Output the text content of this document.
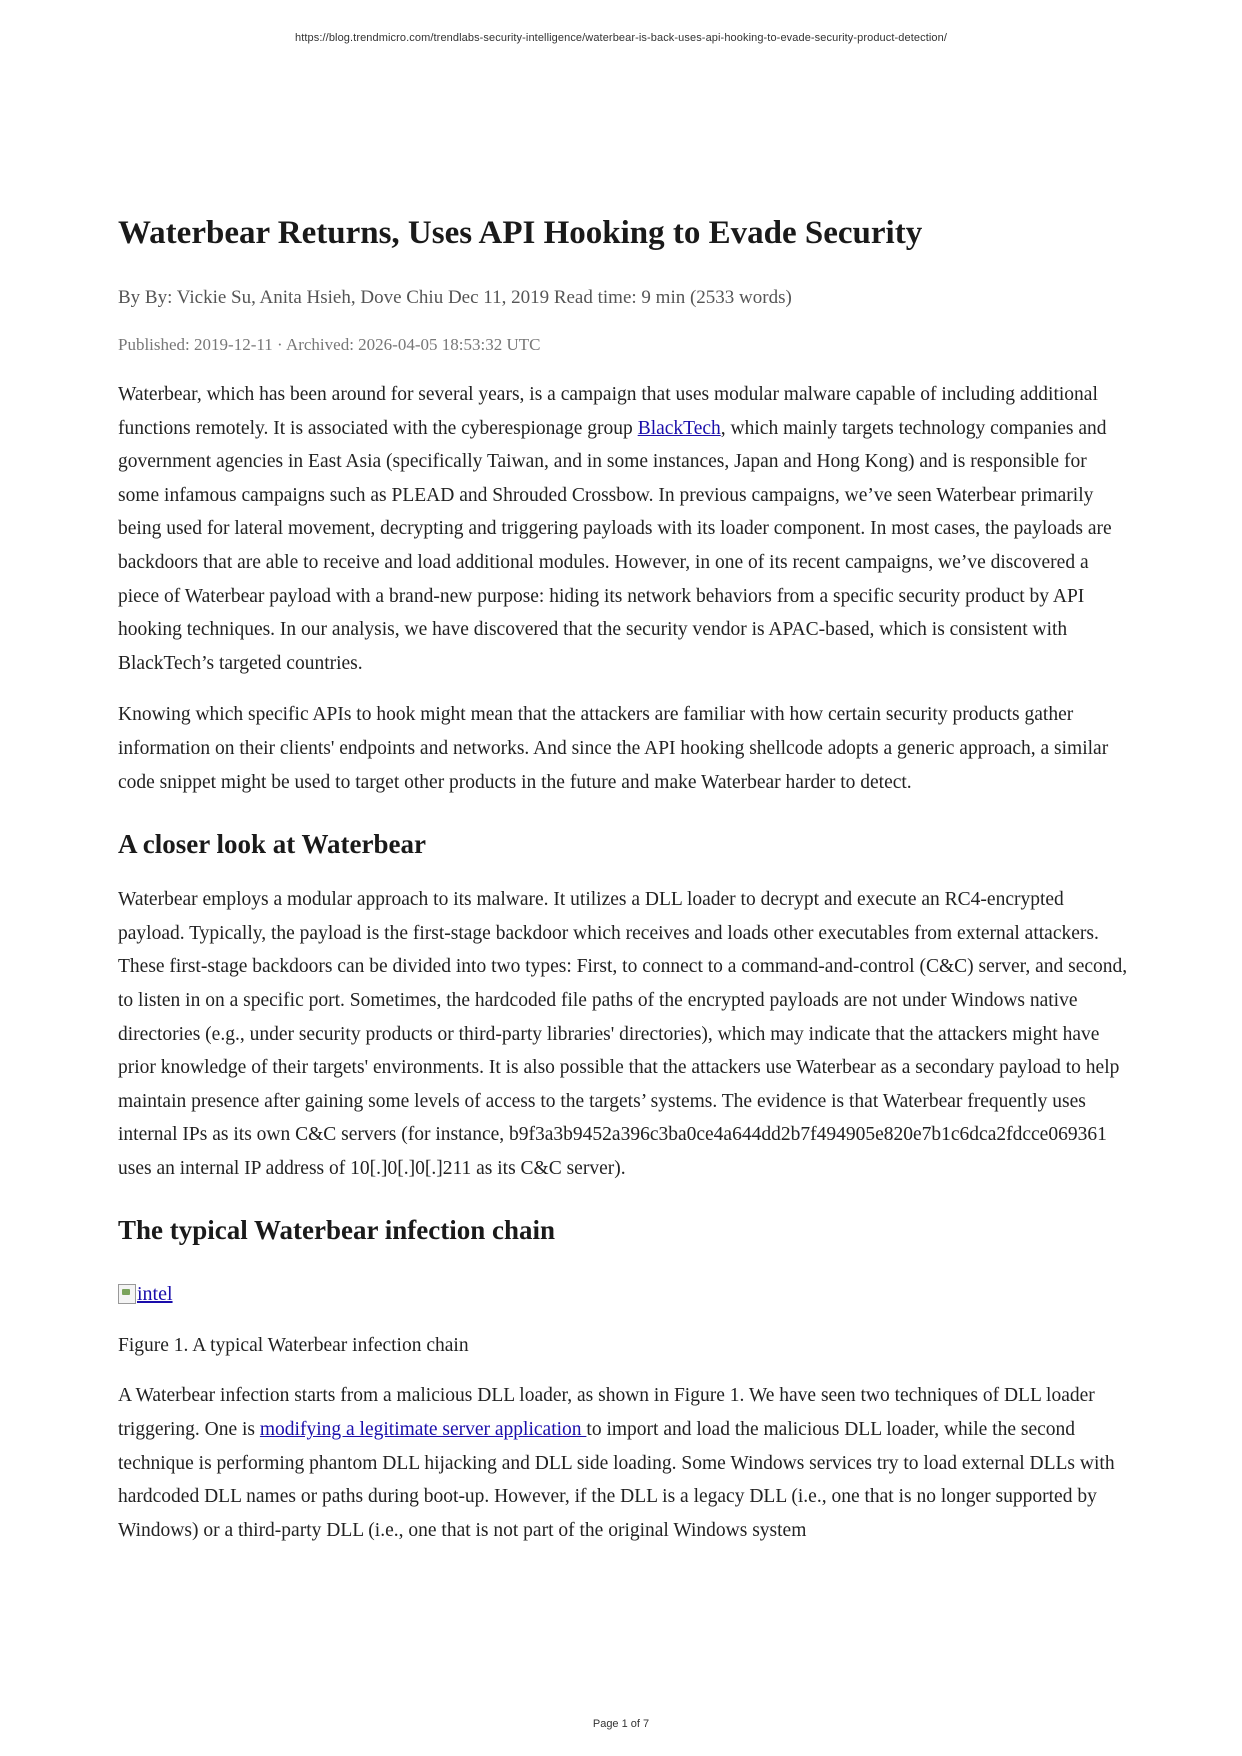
https://blog.trendmicro.com/trendlabs-security-intelligence/waterbear-is-back-uses-api-hooking-to-evade-security-product-detection/
Waterbear Returns, Uses API Hooking to Evade Security
By By: Vickie Su, Anita Hsieh, Dove Chiu Dec 11, 2019 Read time: 9 min (2533 words)
Published: 2019-12-11 · Archived: 2026-04-05 18:53:32 UTC

Waterbear, which has been around for several years, is a campaign that uses modular malware capable of including additional functions remotely. It is associated with the cyberespionage group BlackTech, which mainly targets technology companies and government agencies in East Asia (specifically Taiwan, and in some instances, Japan and Hong Kong) and is responsible for some infamous campaigns such as PLEAD and Shrouded Crossbow. In previous campaigns, we’ve seen Waterbear primarily being used for lateral movement, decrypting and triggering payloads with its loader component. In most cases, the payloads are backdoors that are able to receive and load additional modules. However, in one of its recent campaigns, we’ve discovered a piece of Waterbear payload with a brand-new purpose: hiding its network behaviors from a specific security product by API hooking techniques. In our analysis, we have discovered that the security vendor is APAC-based, which is consistent with BlackTech’s targeted countries.

Knowing which specific APIs to hook might mean that the attackers are familiar with how certain security products gather information on their clients' endpoints and networks. And since the API hooking shellcode adopts a generic approach, a similar code snippet might be used to target other products in the future and make Waterbear harder to detect.

A closer look at Waterbear

Waterbear employs a modular approach to its malware. It utilizes a DLL loader to decrypt and execute an RC4-encrypted payload. Typically, the payload is the first-stage backdoor which receives and loads other executables from external attackers. These first-stage backdoors can be divided into two types: First, to connect to a command-and-control (C&C) server, and second, to listen in on a specific port. Sometimes, the hardcoded file paths of the encrypted payloads are not under Windows native directories (e.g., under security products or third-party libraries' directories), which may indicate that the attackers might have prior knowledge of their targets' environments. It is also possible that the attackers use Waterbear as a secondary payload to help maintain presence after gaining some levels of access to the targets’ systems. The evidence is that Waterbear frequently uses internal IPs as its own C&C servers (for instance, b9f3a3b9452a396c3ba0ce4a644dd2b7f494905e820e7b1c6dca2fdcce069361 uses an internal IP address of 10[.]0[.]0[.]211 as its C&C server).

The typical Waterbear infection chain
intel
Figure 1. A typical Waterbear infection chain

A Waterbear infection starts from a malicious DLL loader, as shown in Figure 1. We have seen two techniques of DLL loader triggering. One is modifying a legitimate server application to import and load the malicious DLL loader, while the second technique is performing phantom DLL hijacking and DLL side loading. Some Windows services try to load external DLLs with hardcoded DLL names or paths during boot-up. However, if the DLL is a legacy DLL (i.e., one that is no longer supported by Windows) or a third-party DLL (i.e., one that is not part of the original Windows system

Page 1 of 7
